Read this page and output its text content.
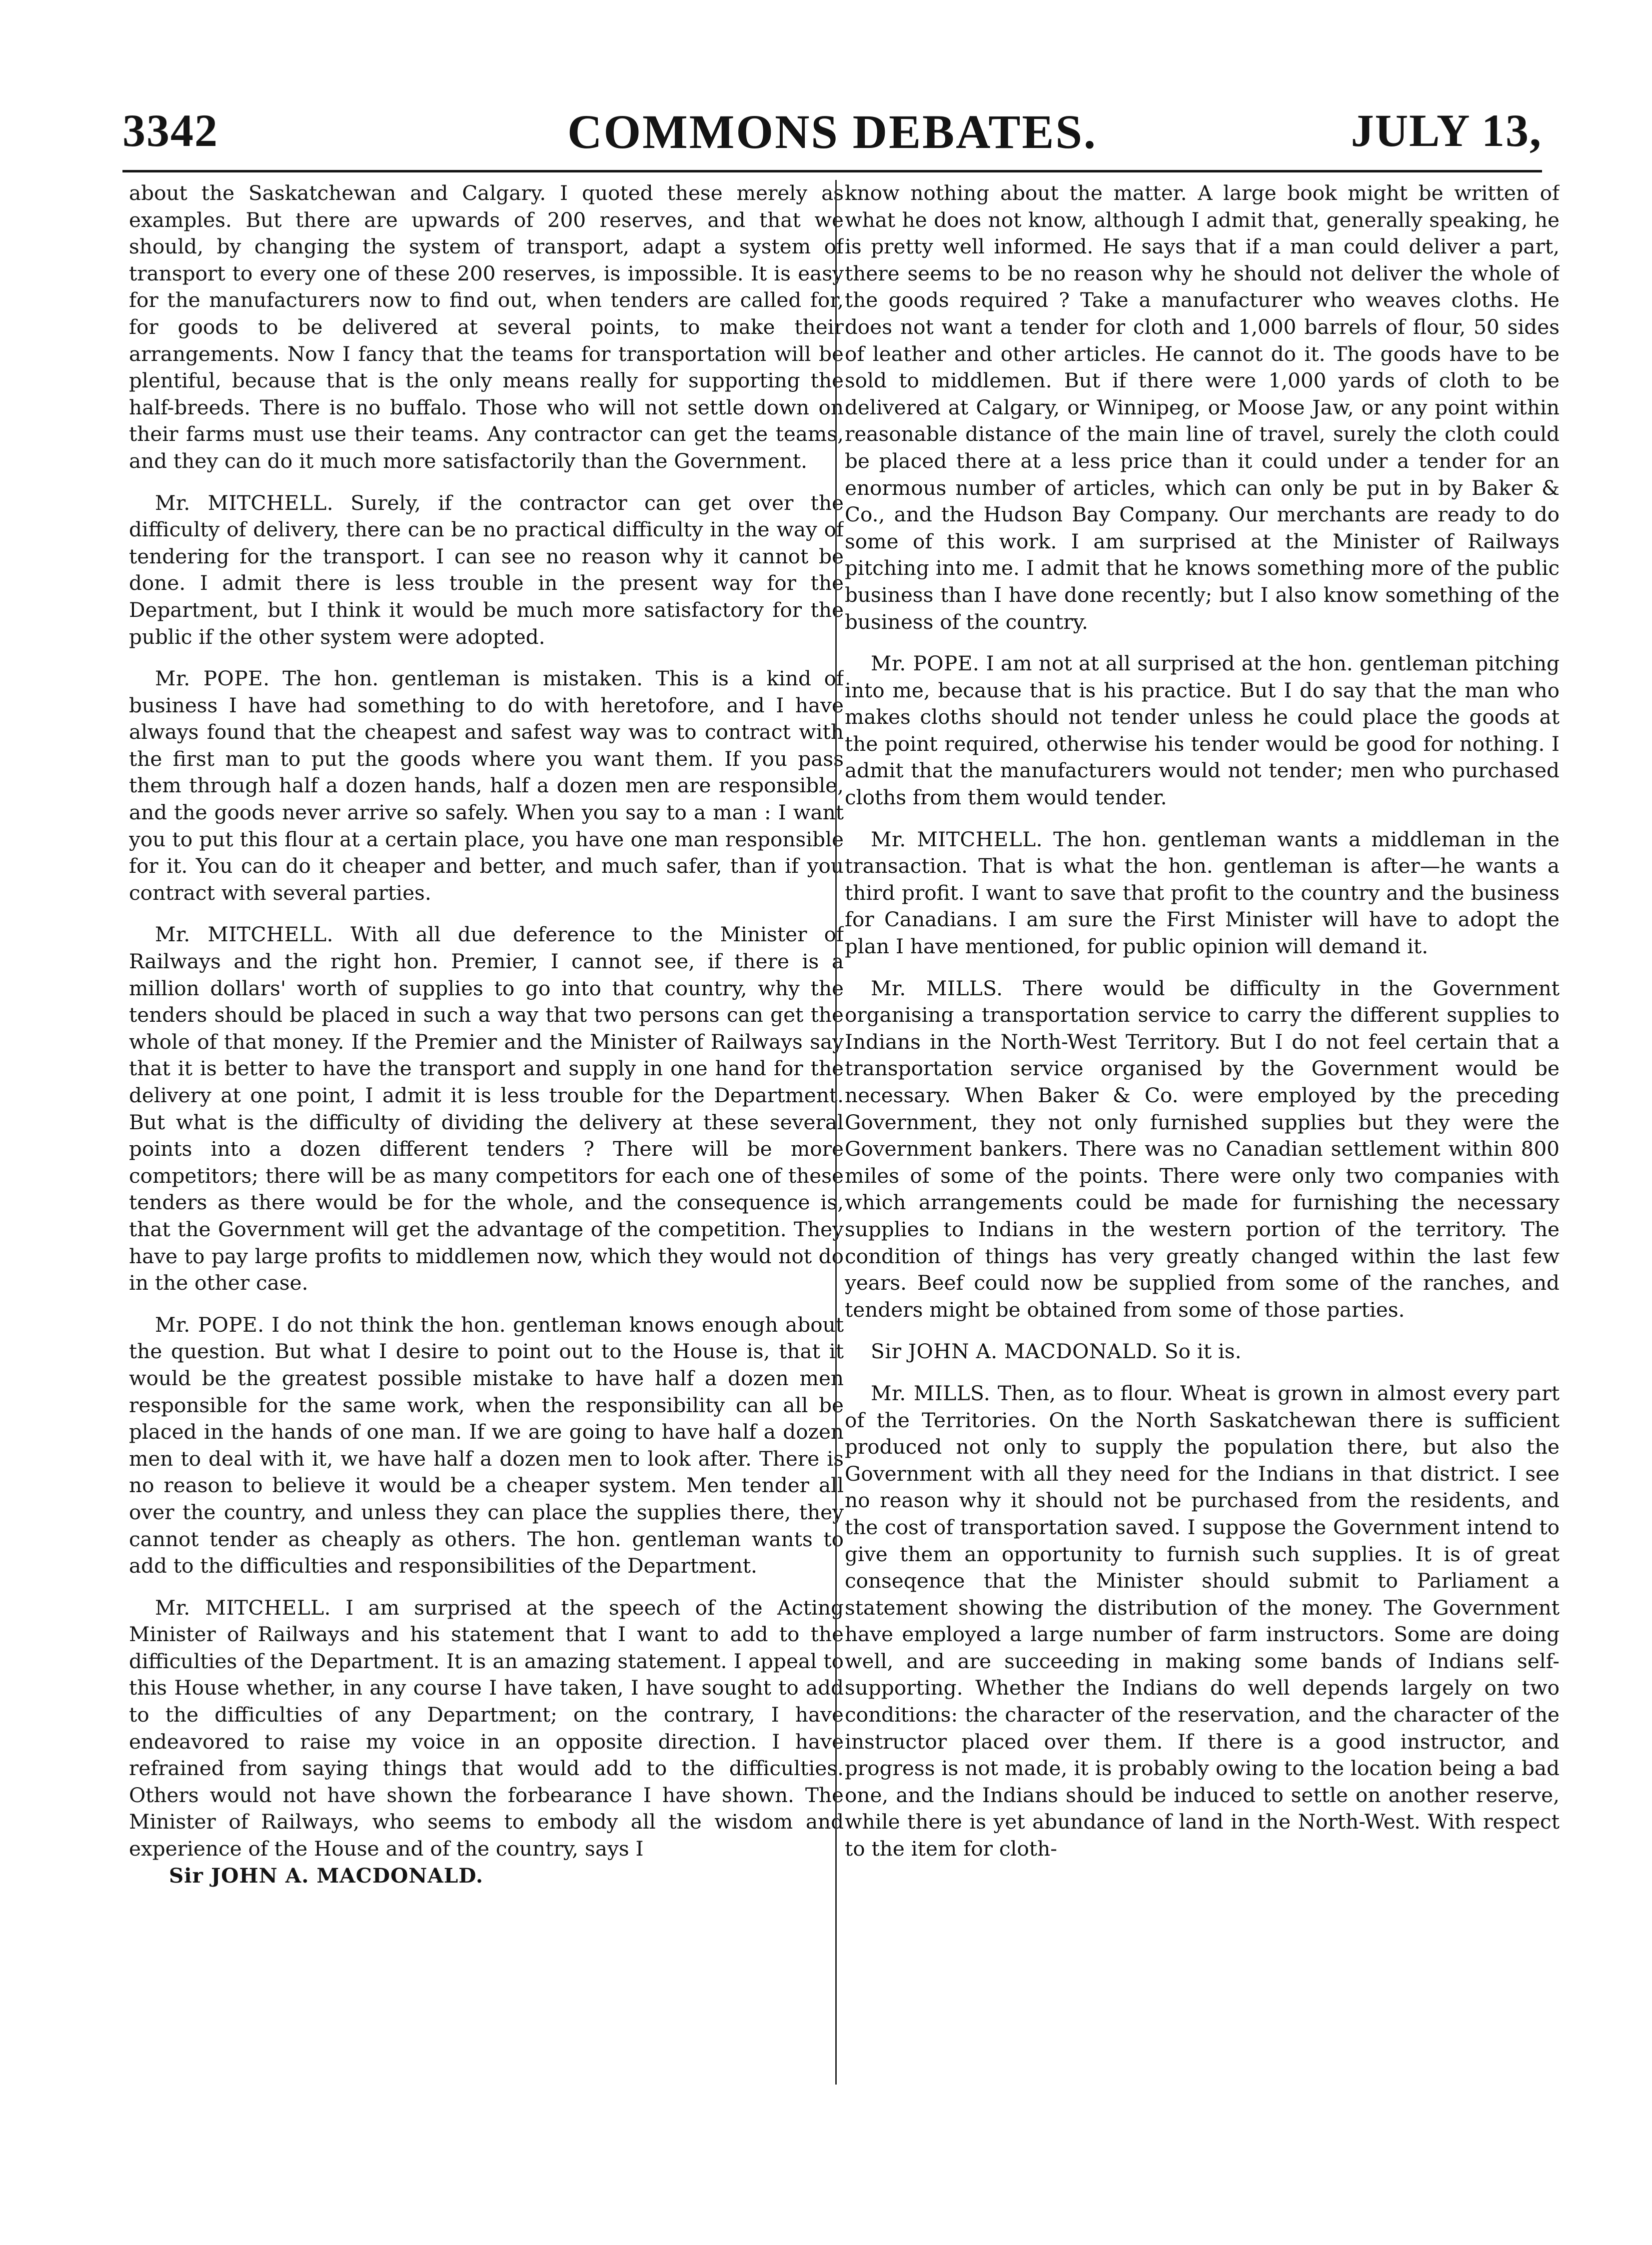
3342	COMMONS DEBATES.	JULY 13,

about the Saskatchewan and Calgary. I quoted these merely as examples. But there are upwards of 200 reserves, and that we should, by changing the system of transport, adapt a system of transport to every one of these 200 reserves, is impossible. It is easy for the manufacturers now to find out, when tenders are called for, for goods to be delivered at several points, to make their arrangements. Now I fancy that the teams for transportation will be plentiful, because that is the only means really for supporting the half-breeds. There is no buffalo. Those who will not settle down on their farms must use their teams. Any contractor can get the teams, and they can do it much more satisfactorily than the Government.

Mr. MITCHELL. Surely, if the contractor can get over the difficulty of delivery, there can be no practical difficulty in the way of tendering for the transport. I can see no reason why it cannot be done. I admit there is less trouble in the present way for the Department, but I think it would be much more satisfactory for the public if the other system were adopted.

Mr. POPE. The hon. gentleman is mistaken. This is a kind of business I have had something to do with heretofore, and I have always found that the cheapest and safest way was to contract with the first man to put the goods where you want them. If you pass them through half a dozen hands, half a dozen men are responsible, and the goods never arrive so safely. When you say to a man : I want you to put this flour at a certain place, you have one man responsible for it. You can do it cheaper and better, and much safer, than if you contract with several parties.

Mr. MITCHELL. With all due deference to the Minister of Railways and the right hon. Premier, I cannot see, if there is a million dollars' worth of supplies to go into that country, why the tenders should be placed in such a way that two persons can get the whole of that money. If the Premier and the Minister of Railways say that it is better to have the transport and supply in one hand for the delivery at one point, I admit it is less trouble for the Department. But what is the difficulty of dividing the delivery at these several points into a dozen different tenders ? There will be more competitors; there will be as many competitors for each one of these tenders as there would be for the whole, and the consequence is, that the Government will get the advantage of the competition. They have to pay large profits to middlemen now, which they would not do in the other case.

Mr. POPE. I do not think the hon. gentleman knows enough about the question. But what I desire to point out to the House is, that it would be the greatest possible mistake to have half a dozen men responsible for the same work, when the responsibility can all be placed in the hands of one man. If we are going to have half a dozen men to deal with it, we have half a dozen men to look after. There is no reason to believe it would be a cheaper system. Men tender all over the country, and unless they can place the supplies there, they cannot tender as cheaply as others. The hon. gentleman wants to add to the difficulties and responsibilities of the Department.

Mr. MITCHELL. I am surprised at the speech of the Acting Minister of Railways and his statement that I want to add to the difficulties of the Department. It is an amazing statement. I appeal to this House whether, in any course I have taken, I have sought to add to the difficulties of any Department; on the contrary, I have endeavored to raise my voice in an opposite direction. I have refrained from saying things that would add to the difficulties. Others would not have shown the forbearance I have shown. The Minister of Railways, who seems to embody all the wisdom and experience of the House and of the country, says I

Sir JOHN A. MACDONALD.

know nothing about the matter. A large book might be written of what he does not know, although I admit that, generally speaking, he is pretty well informed. He says that if a man could deliver a part, there seems to be no reason why he should not deliver the whole of the goods required ? Take a manufacturer who weaves cloths. He does not want a tender for cloth and 1,000 barrels of flour, 50 sides of leather and other articles. He cannot do it. The goods have to be sold to middlemen. But if there were 1,000 yards of cloth to be delivered at Calgary, or Winnipeg, or Moose Jaw, or any point within reasonable distance of the main line of travel, surely the cloth could be placed there at a less price than it could under a tender for an enormous number of articles, which can only be put in by Baker & Co., and the Hudson Bay Company. Our merchants are ready to do some of this work. I am surprised at the Minister of Railways pitching into me. I admit that he knows something more of the public business than I have done recently; but I also know something of the business of the country.

Mr. POPE. I am not at all surprised at the hon. gentleman pitching into me, because that is his practice. But I do say that the man who makes cloths should not tender unless he could place the goods at the point required, otherwise his tender would be good for nothing. I admit that the manufacturers would not tender; men who purchased cloths from them would tender.

Mr. MITCHELL. The hon. gentleman wants a middleman in the transaction. That is what the hon. gentleman is after—he wants a third profit. I want to save that profit to the country and the business for Canadians. I am sure the First Minister will have to adopt the plan I have mentioned, for public opinion will demand it.

Mr. MILLS. There would be difficulty in the Government organising a transportation service to carry the different supplies to Indians in the North-West Territory. But I do not feel certain that a transportation service organised by the Government would be necessary. When Baker & Co. were employed by the preceding Government, they not only furnished supplies but they were the Government bankers. There was no Canadian settlement within 800 miles of some of the points. There were only two companies with which arrangements could be made for furnishing the necessary supplies to Indians in the western portion of the territory. The condition of things has very greatly changed within the last few years. Beef could now be supplied from some of the ranches, and tenders might be obtained from some of those parties.

Sir JOHN A. MACDONALD. So it is.

Mr. MILLS. Then, as to flour. Wheat is grown in almost every part of the Territories. On the North Saskatchewan there is sufficient produced not only to supply the population there, but also the Government with all they need for the Indians in that district. I see no reason why it should not be purchased from the residents, and the cost of transportation saved. I suppose the Government intend to give them an opportunity to furnish such supplies. It is of great conseqence that the Minister should submit to Parliament a statement showing the distribution of the money. The Government have employed a large number of farm instructors. Some are doing well, and are succeeding in making some bands of Indians self-supporting. Whether the Indians do well depends largely on two conditions: the character of the reservation, and the character of the instructor placed over them. If there is a good instructor, and progress is not made, it is probably owing to the location being a bad one, and the Indians should be induced to settle on another reserve, while there is yet abundance of land in the North-West. With respect to the item for cloth-
